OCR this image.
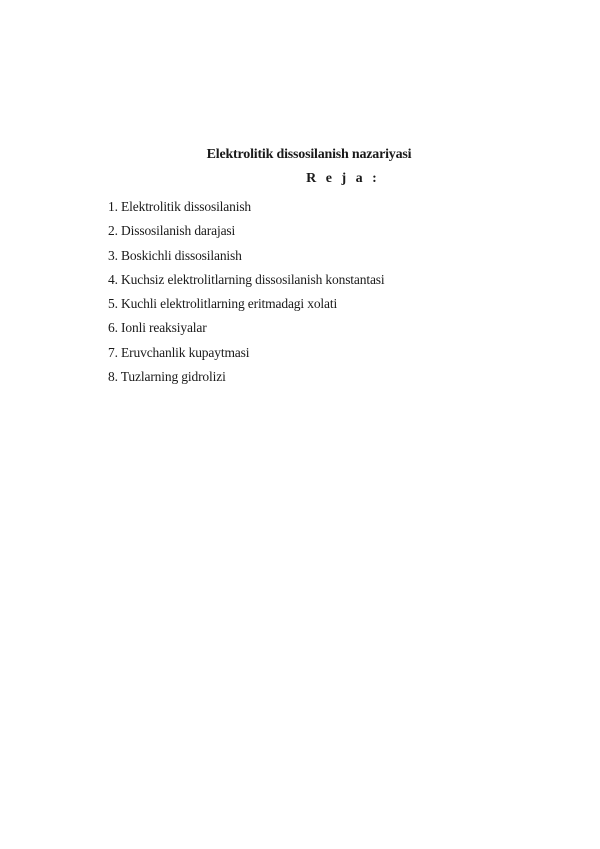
Elektrolitik dissosilanish nazariyasi
R e j a :
1. Elektrolitik dissosilanish
2. Dissosilanish darajasi
3. Boskichli dissosilanish
4. Kuchsiz elektrolitlarning dissosilanish konstantasi
5. Kuchli elektrolitlarning eritmadagi xolati
6. Ionli reaksiyalar
7. Eruvchanlik kupaytmasi
8. Tuzlarning gidrolizi
